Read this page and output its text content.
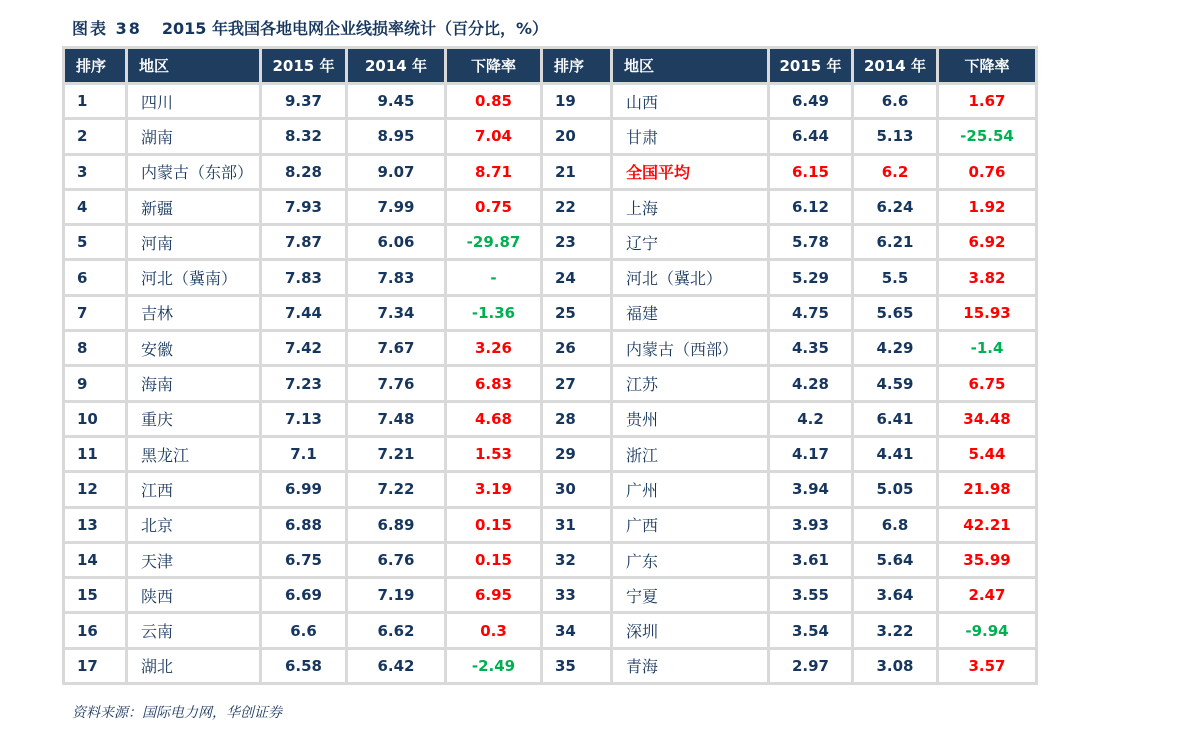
图表 38 2015 年我国各地电网企业线损率统计（百分比，%）
排序	地区	2015 年	2014 年	下降率	排序	地区	2015 年	2014 年	下降率
1	四川	9.37	9.45	0.85	19	山西	6.49	6.6	1.67
2	湖南	8.32	8.95	7.04	20	甘肃	6.44	5.13	-25.54
3	内蒙古（东部）	8.28	9.07	8.71	21	全国平均	6.15	6.2	0.76
4	新疆	7.93	7.99	0.75	22	上海	6.12	6.24	1.92
5	河南	7.87	6.06	-29.87	23	辽宁	5.78	6.21	6.92
6	河北（冀南）	7.83	7.83	-	24	河北（冀北）	5.29	5.5	3.82
7	吉林	7.44	7.34	-1.36	25	福建	4.75	5.65	15.93
8	安徽	7.42	7.67	3.26	26	内蒙古（西部）	4.35	4.29	-1.4
9	海南	7.23	7.76	6.83	27	江苏	4.28	4.59	6.75
10	重庆	7.13	7.48	4.68	28	贵州	4.2	6.41	34.48
11	黑龙江	7.1	7.21	1.53	29	浙江	4.17	4.41	5.44
12	江西	6.99	7.22	3.19	30	广州	3.94	5.05	21.98
13	北京	6.88	6.89	0.15	31	广西	3.93	6.8	42.21
14	天津	6.75	6.76	0.15	32	广东	3.61	5.64	35.99
15	陕西	6.69	7.19	6.95	33	宁夏	3.55	3.64	2.47
16	云南	6.6	6.62	0.3	34	深圳	3.54	3.22	-9.94
17	湖北	6.58	6.42	-2.49	35	青海	2.97	3.08	3.57
资料来源：国际电力网，华创证券
